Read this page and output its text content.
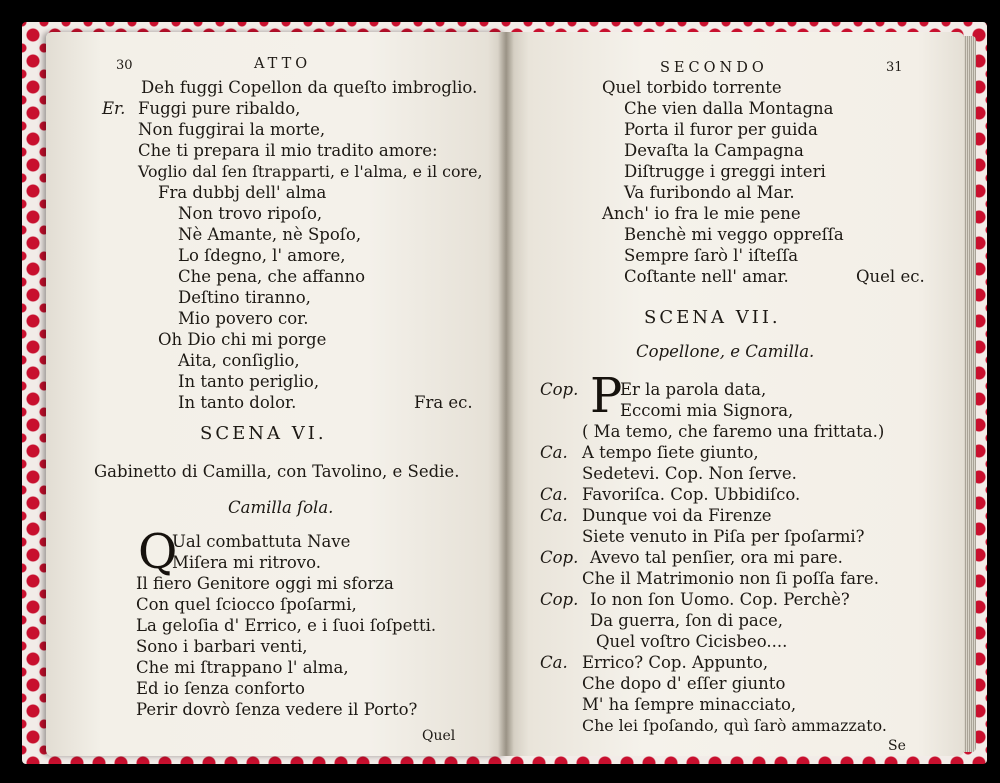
30	ATTO
Deh fuggi Copellon da queſto imbroglio.
Er. Fuggi pure ribaldo,
Non fuggirai la morte,
Che ti prepara il mio tradito amore:
Voglio dal ſen ſtrapparti, e l'alma, e il core,
Fra dubbj dell' alma
Non trovo ripoſo,
Nè Amante, nè Spoſo,
Lo ſdegno, l' amore,
Che pena, che affanno
Deſtino tiranno,
Mio povero cor.
Oh Dio chi mi porge
Aita, conſiglio,
In tanto periglio,
In tanto dolor.	Fra ec.
SCENA VI.
Gabinetto di Camilla, con Tavolino, e Sedie.
Camilla ſola.
Q
Ual combattuta Nave
Miſera mi ritrovo.
Il fiero Genitore oggi mi sforza
Con quel ſciocco ſpoſarmi,
La geloſia d' Errico, e i ſuoi ſoſpetti.
Sono i barbari venti,
Che mi ſtrappano l' alma,
Ed io ſenza conforto
Perir dovrò ſenza vedere il Porto?
Quel
SECONDO	31
Quel torbido torrente
Che vien dalla Montagna
Porta il furor per guida
Devaſta la Campagna
Diſtrugge i greggi interi
Va furibondo al Mar.
Anch' io fra le mie pene
Benchè mi veggo oppreſſa
Sempre ſarò l' iſteſſa
Coſtante nell' amar.	Quel ec.
SCENA VII.
Copellone, e Camilla.
Cop. P
Er la parola data,
Eccomi mia Signora,
( Ma temo, che faremo una frittata.)
Ca. A tempo ſiete giunto,
Sedetevi. Cop. Non ſerve.
Ca. Favoriſca. Cop. Ubbidiſco.
Ca. Dunque voi da Firenze
Siete venuto in Piſa per ſpoſarmi?
Cop. Avevo tal penſier, ora mi pare.
Che il Matrimonio non ſi poſſa fare.
Cop. Io non ſon Uomo. Cop. Perchè?
Da guerra, ſon di pace,
Quel voſtro Cicisbeo....
Ca. Errico? Cop. Appunto,
Che dopo d' eſſer giunto
M' ha ſempre minacciato,
Che lei ſpoſando, quì ſarò ammazzato.
Se
